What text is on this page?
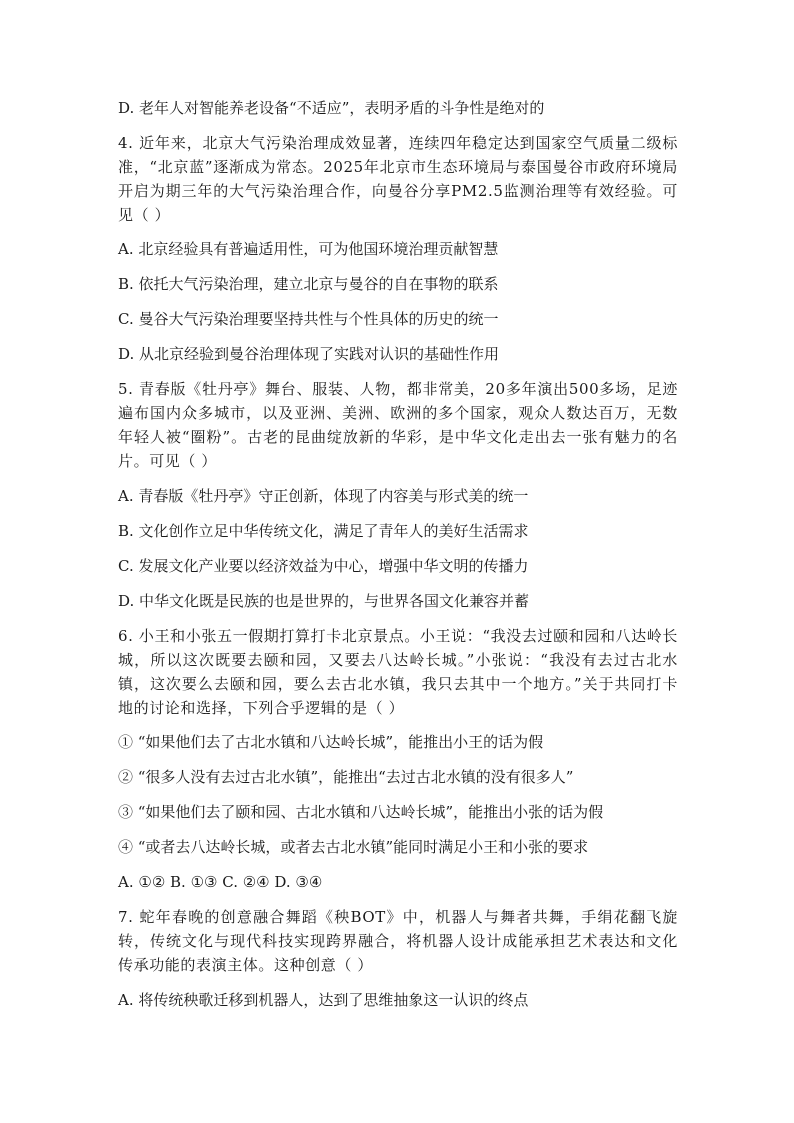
D. 老年人对智能养老设备“不适应”，表明矛盾的斗争性是绝对的
4. 近年来，北京大气污染治理成效显著，连续四年稳定达到国家空气质量二级标准，“北京蓝”逐渐成为常态。2025年北京市生态环境局与泰国曼谷市政府环境局开启为期三年的大气污染治理合作，向曼谷分享PM2.5监测治理等有效经验。可见（ ）
A. 北京经验具有普遍适用性，可为他国环境治理贡献智慧
B. 依托大气污染治理，建立北京与曼谷的自在事物的联系
C. 曼谷大气污染治理要坚持共性与个性具体的历史的统一
D. 从北京经验到曼谷治理体现了实践对认识的基础性作用
5. 青春版《牡丹亭》舞台、服装、人物，都非常美，20多年演出500多场，足迹遍布国内众多城市，以及亚洲、美洲、欧洲的多个国家，观众人数达百万，无数年轻人被“圈粉”。古老的昆曲绽放新的华彩，是中华文化走出去一张有魅力的名片。可见（ ）
A. 青春版《牡丹亭》守正创新，体现了内容美与形式美的统一
B. 文化创作立足中华传统文化，满足了青年人的美好生活需求
C. 发展文化产业要以经济效益为中心，增强中华文明的传播力
D. 中华文化既是民族的也是世界的，与世界各国文化兼容并蓄
6. 小王和小张五一假期打算打卡北京景点。小王说：“我没去过颐和园和八达岭长城，所以这次既要去颐和园，又要去八达岭长城。”小张说：“我没有去过古北水镇，这次要么去颐和园，要么去古北水镇，我只去其中一个地方。”关于共同打卡地的讨论和选择，下列合乎逻辑的是（ ）
① “如果他们去了古北水镇和八达岭长城”，能推出小王的话为假
② “很多人没有去过古北水镇”，能推出“去过古北水镇的没有很多人”
③ “如果他们去了颐和园、古北水镇和八达岭长城”，能推出小张的话为假
④ “或者去八达岭长城，或者去古北水镇”能同时满足小王和小张的要求
A. ①② B. ①③ C. ②④ D. ③④
7. 蛇年春晚的创意融合舞蹈《秧BOT》中，机器人与舞者共舞，手绢花翻飞旋转，传统文化与现代科技实现跨界融合，将机器人设计成能承担艺术表达和文化传承功能的表演主体。这种创意（ ）
A. 将传统秧歌迁移到机器人，达到了思维抽象这一认识的终点
